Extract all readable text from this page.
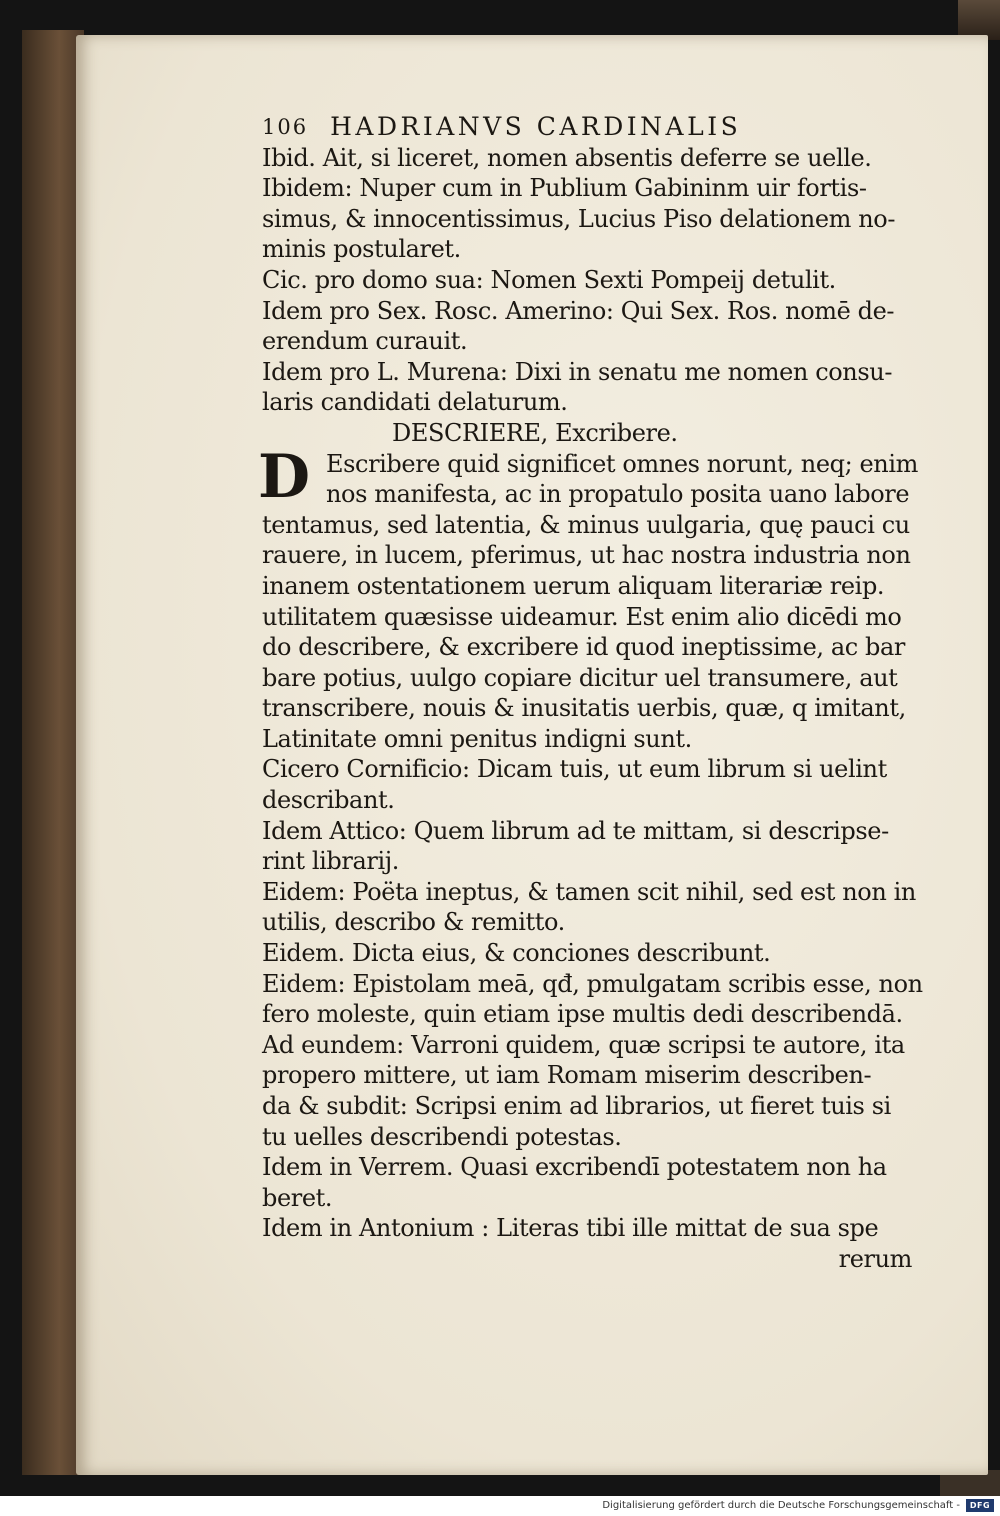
106 HADRIANVS CARDINALIS
Ibid. Ait, si liceret, nomen absentis deferre se uelle.
Ibidem: Nuper cum in Publium Gabininm uir fortis-
simus, & innocentissimus, Lucius Piso delationem no-
minis postularet.
Cic. pro domo sua: Nomen Sexti Pompeij detulit.
Idem pro Sex. Rosc. Amerino: Qui Sex. Ros. nomē de-
erendum curauit.
Idem pro L. Murena: Dixi in senatu me nomen consu-
laris candidati delaturum.
DESCRIERE, Excribere.
D Escribere quid significet omnes norunt, neq; enim
nos manifesta, ac in propatulo posita uano labore
tentamus, sed latentia, & minus uulgaria, quę pauci cu
rauere, in lucem, pferimus, ut hac nostra industria non
inanem ostentationem uerum aliquam literariæ reip.
utilitatem quæsisse uideamur. Est enim alio dicēdi mo
do describere, & excribere id quod ineptissime, ac bar
bare potius, uulgo copiare dicitur uel transumere, aut
transcribere, nouis & inusitatis uerbis, quæ, q imitant,
Latinitate omni penitus indigni sunt.
Cicero Cornificio: Dicam tuis, ut eum librum si uelint
describant.
Idem Attico: Quem librum ad te mittam, si descripse-
rint librarij.
Eidem: Poëta ineptus, & tamen scit nihil, sed est non in
utilis, describo & remitto.
Eidem. Dicta eius, & conciones describunt.
Eidem: Epistolam meā, qđ, pmulgatam scribis esse, non
fero moleste, quin etiam ipse multis dedi describendā.
Ad eundem: Varroni quidem, quæ scripsi te autore, ita
propero mittere, ut iam Romam miserim describen-
da & subdit: Scripsi enim ad librarios, ut fieret tuis si
tu uelles describendi potestas.
Idem in Verrem. Quasi excribendī potestatem non ha
beret.
Idem in Antonium : Literas tibi ille mittat de sua spe
rerum
Digitalisierung gefördert durch die Deutsche Forschungsgemeinschaft -	DFG
